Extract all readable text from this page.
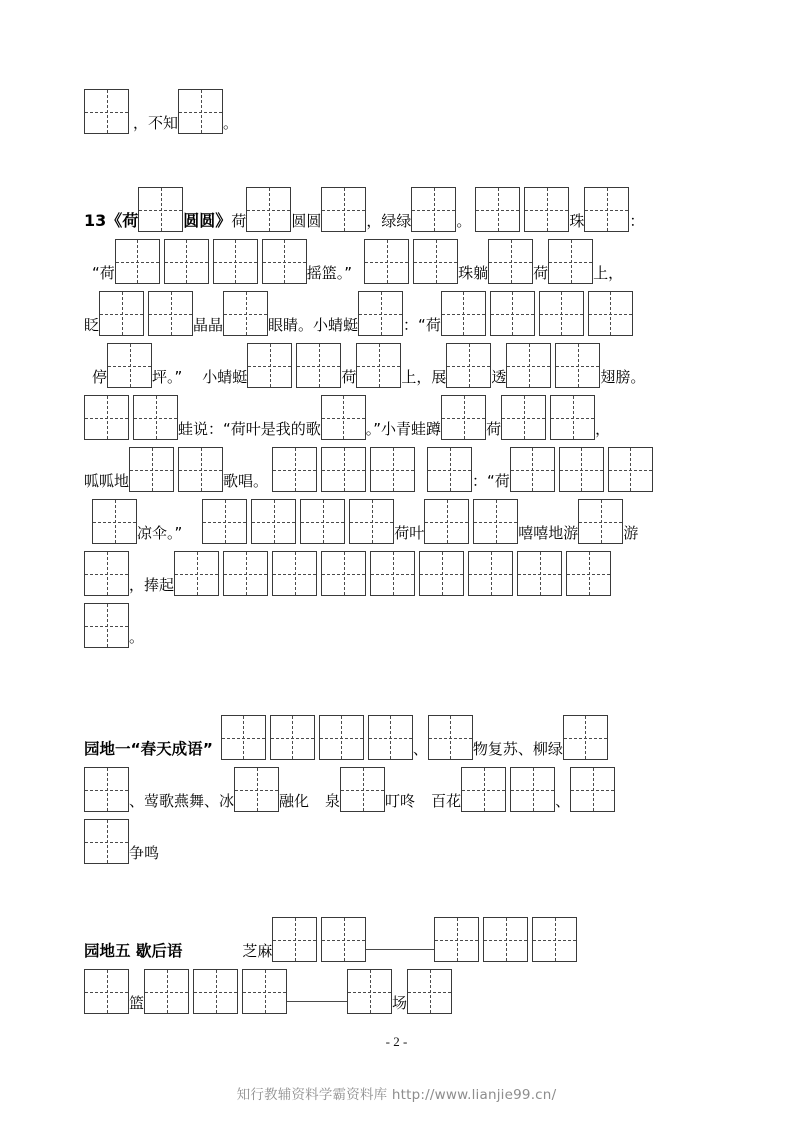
，不知	。
13《荷	圆圆》 荷	圆圆	，绿绿	。	珠	：
“荷	摇篮。”	珠躺	荷	上，
眨	晶晶	眼睛。小蜻蜓	：“荷
停	坪。” 小蜻蜓	荷	上，展	透	翅膀。
蛙说：“荷叶是我的歌	。”小青蛙蹲	荷	，
呱呱地	歌唱。	：“荷
凉伞。”	荷叶	嘻嘻地游	游
，捧起
。
园地一“春天成语”	、	物复苏、柳绿
、莺歌燕舞、冰	融化 泉	叮咚 百花	、
争鸣
园地五 歇后语	芝麻
篮	场
- 2 -
知行教辅资料学霸资料库 http://www.lianjie99.cn/
